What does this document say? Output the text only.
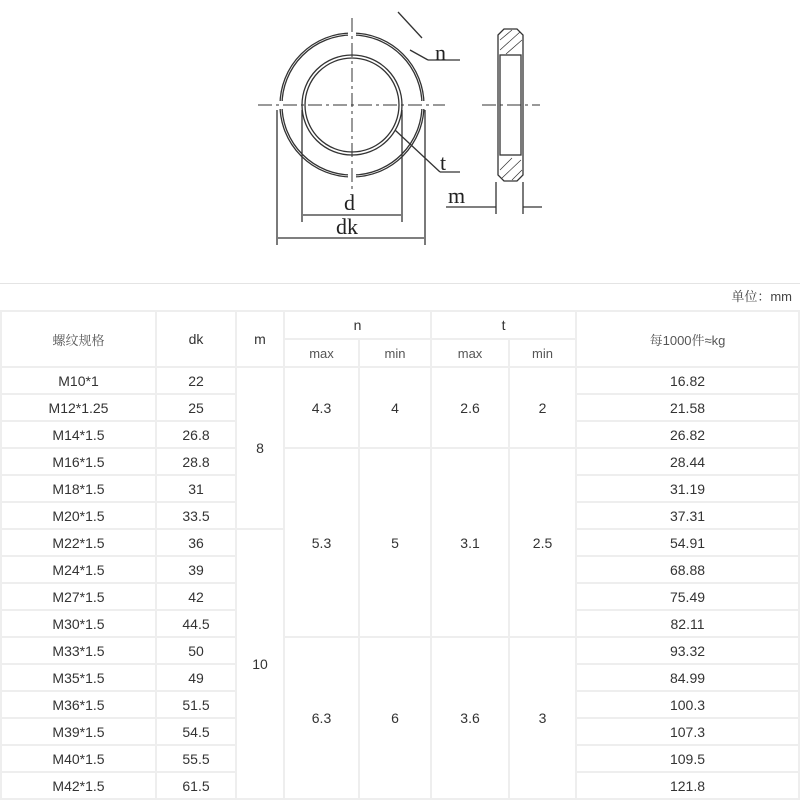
n
t
m
d
dk
单位：mm
螺纹规格	dk	m	n		t		每1000件≈kg
			max	min	max	min	
M10*1	22	8	4.3	4	2.6	2	16.82
M12*1.25	25						21.58
M14*1.5	26.8						26.82
M16*1.5	28.8		5.3	5	3.1	2.5	28.44
M18*1.5	31						31.19
M20*1.5	33.5						37.31
M22*1.5	36	10					54.91
M24*1.5	39						68.88
M27*1.5	42						75.49
M30*1.5	44.5						82.11
M33*1.5	50		6.3	6	3.6	3	93.32
M35*1.5	49						84.99
M36*1.5	51.5						100.3
M39*1.5	54.5						107.3
M40*1.5	55.5						109.5
M42*1.5	61.5						121.8
